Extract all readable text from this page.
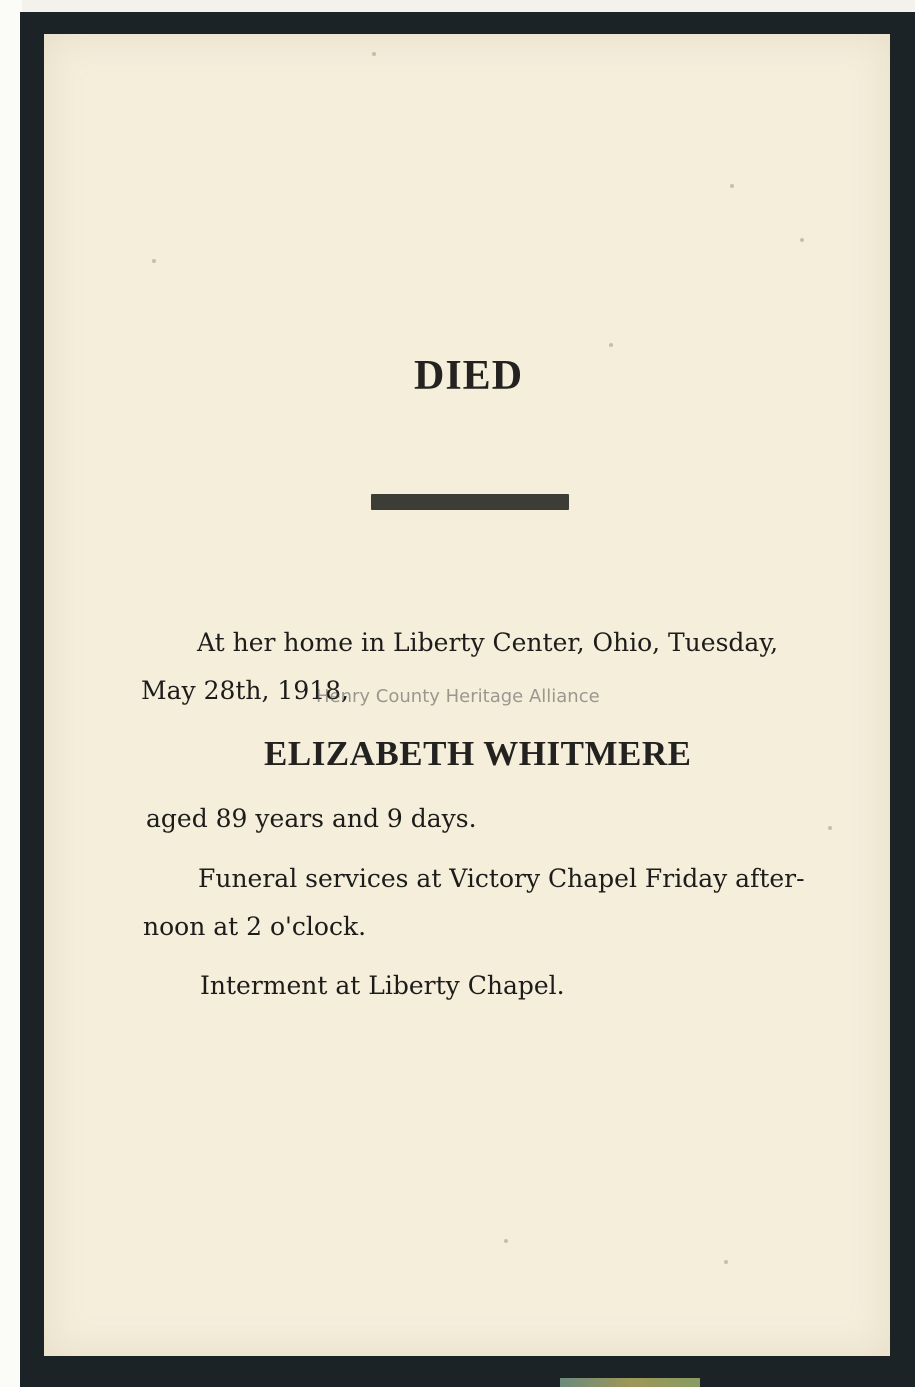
DIED
At her home in Liberty Center, Ohio, Tuesday,
May 28th, 1918,
Henry County Heritage Alliance
ELIZABETH WHITMERE
aged 89 years and 9 days.
Funeral services at Victory Chapel Friday after-
noon at 2 o'clock.
Interment at Liberty Chapel.
